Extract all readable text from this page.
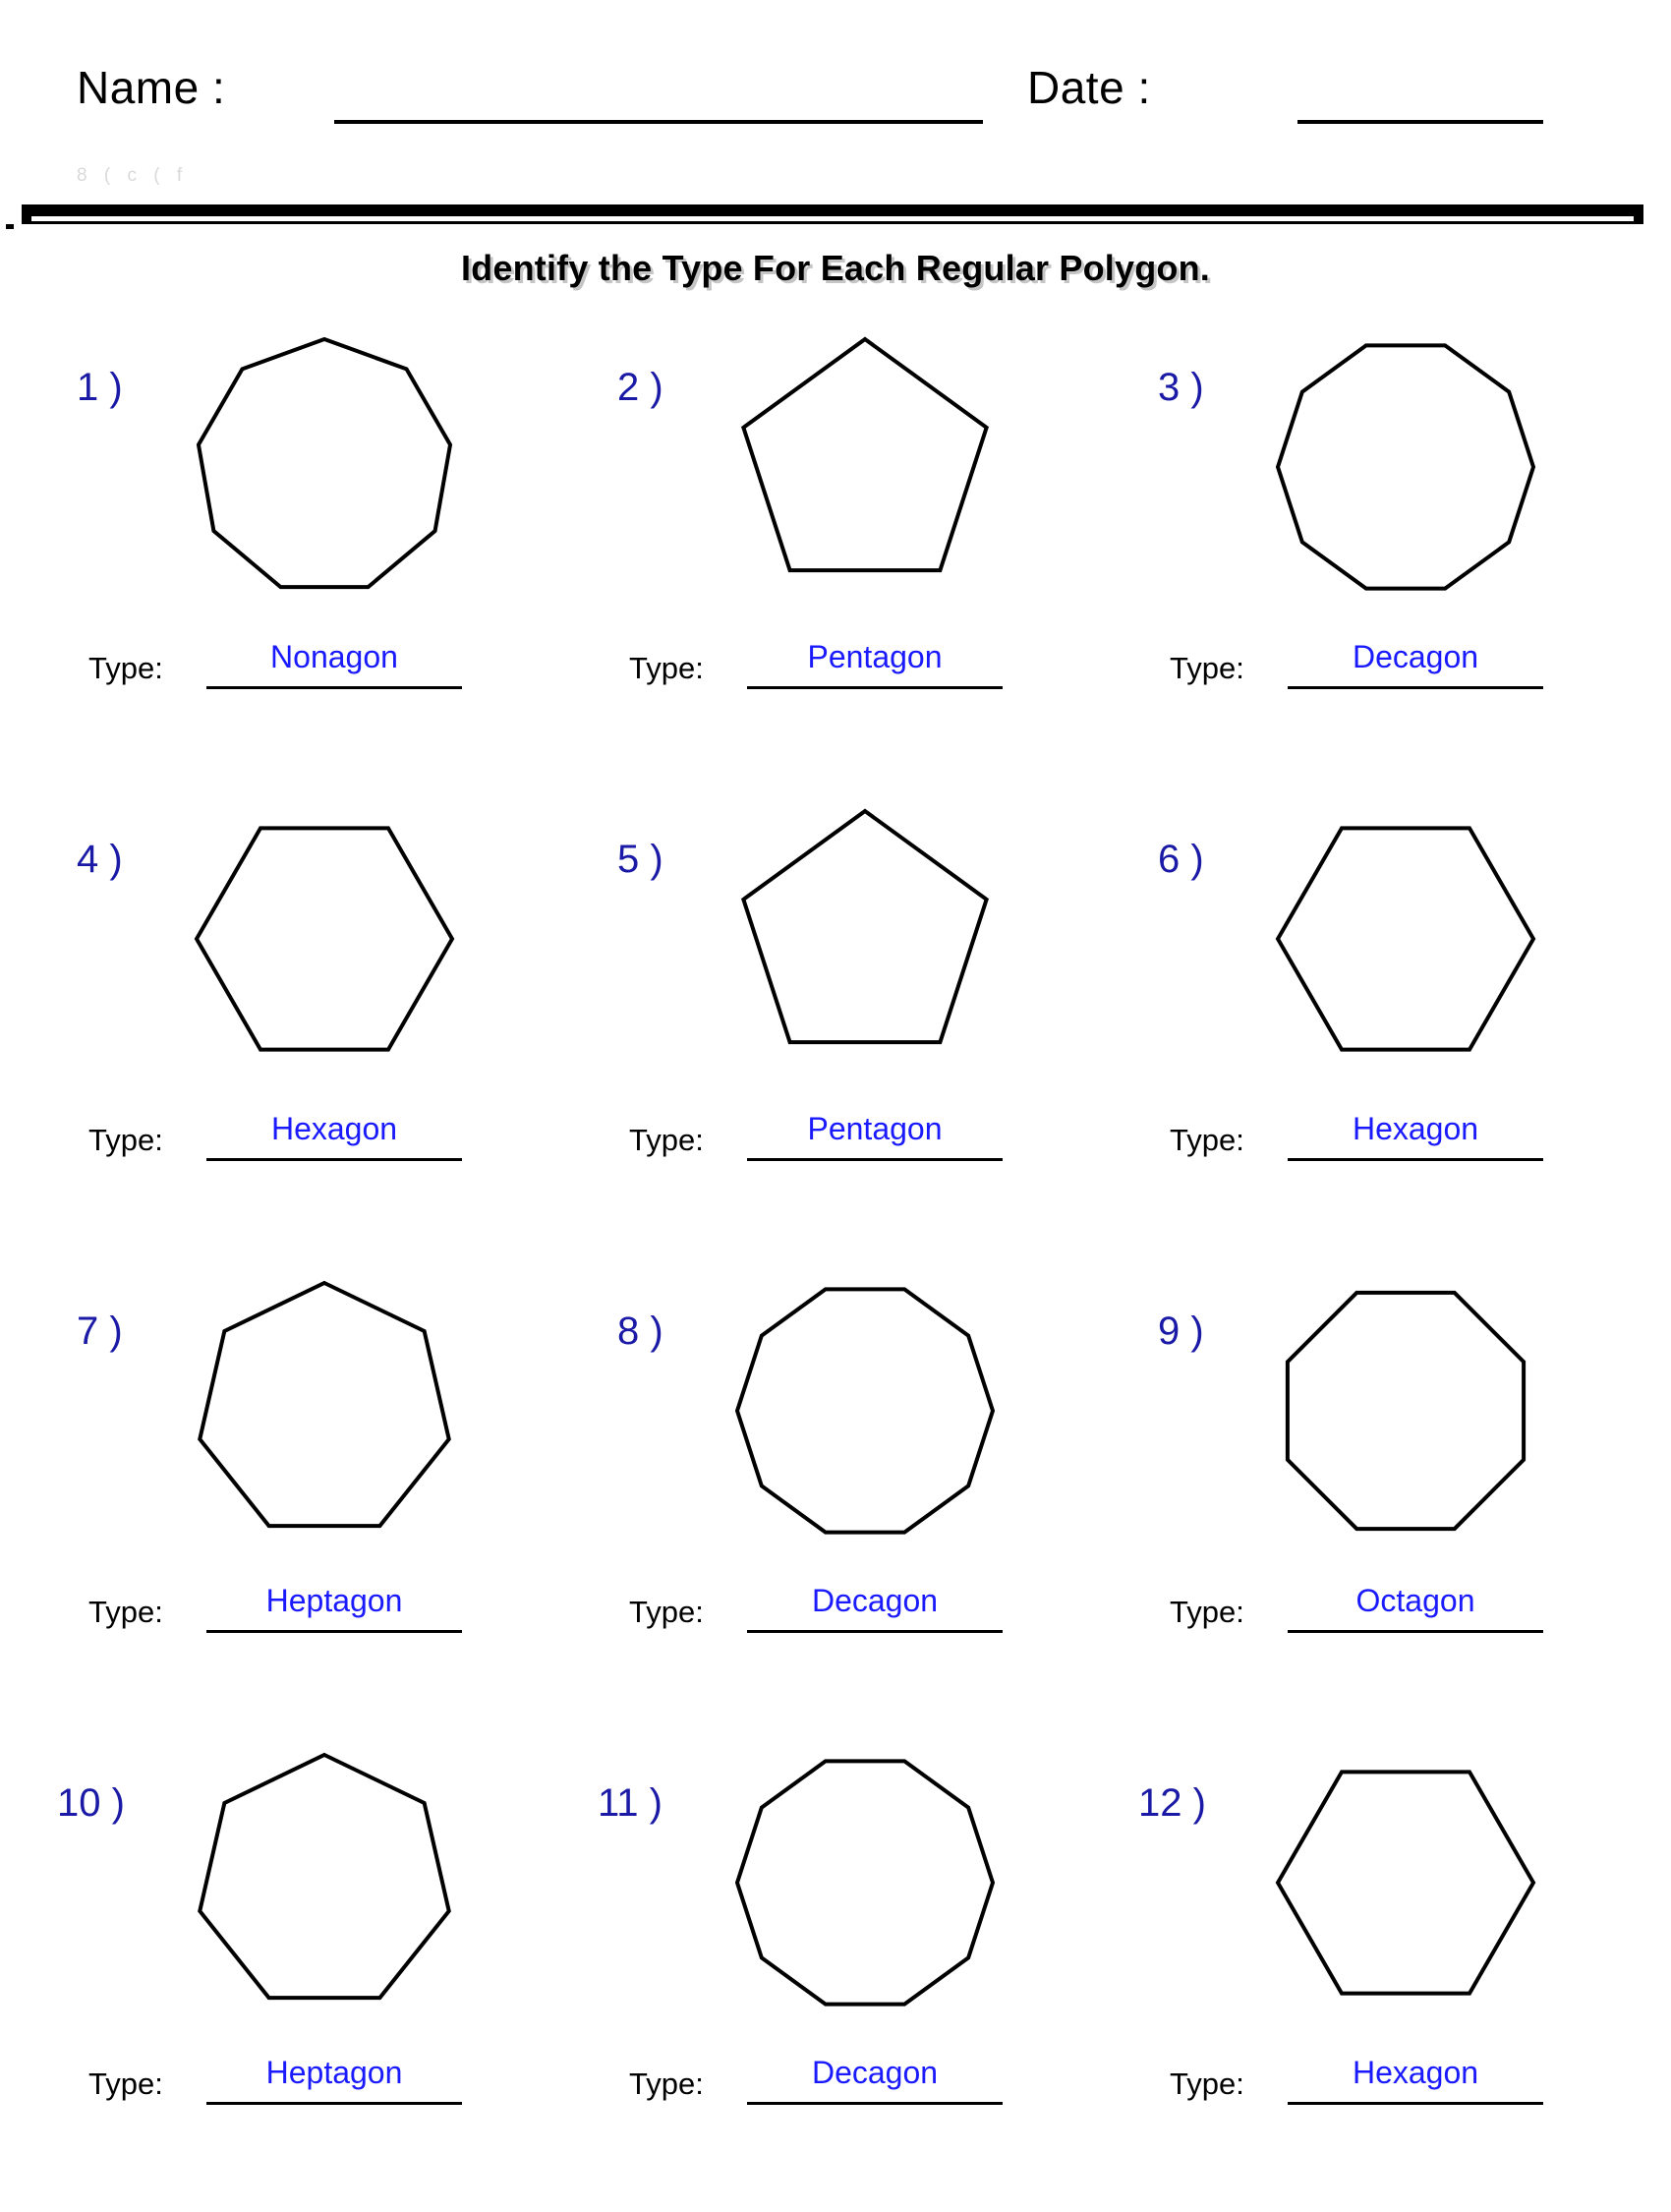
Name :	Date :
8 ( c ( f
Identify the Type For Each Regular Polygon.
1 )
Type:	Nonagon
2 )
Type:	Pentagon
3 )
Type:	Decagon
4 )
Type:	Hexagon
5 )
Type:	Pentagon
6 )
Type:	Hexagon
7 )
Type:	Heptagon
8 )
Type:	Decagon
9 )
Type:	Octagon
10 )
Type:	Heptagon
11 )
Type:	Decagon
12 )
Type:	Hexagon
